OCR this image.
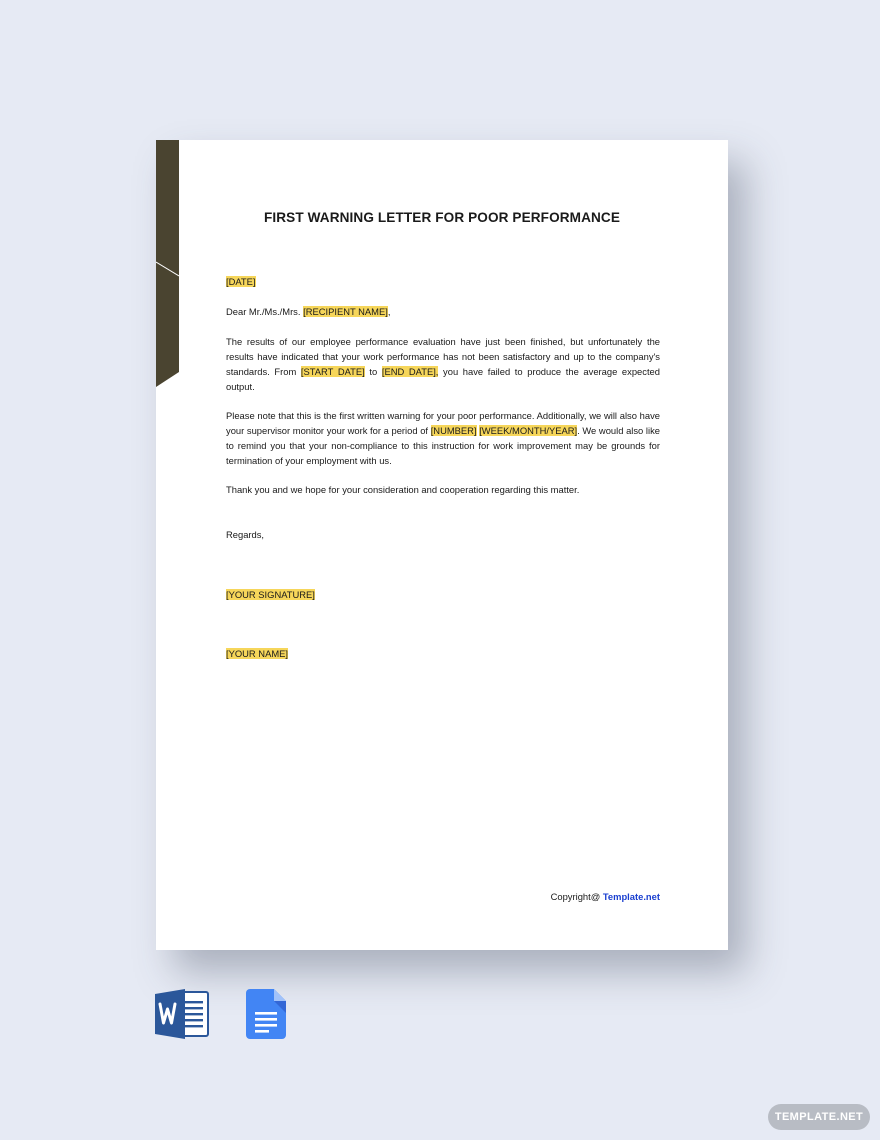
FIRST WARNING LETTER FOR POOR PERFORMANCE
[DATE]
Dear Mr./Ms./Mrs. [RECIPIENT NAME],
The results of our employee performance evaluation have just been finished, but unfortunately the results have indicated that your work performance has not been satisfactory and up to the company's standards. From [START DATE] to [END DATE], you have failed to produce the average expected output.
Please note that this is the first written warning for your poor performance. Additionally, we will also have your supervisor monitor your work for a period of [NUMBER] [WEEK/MONTH/YEAR]. We would also like to remind you that your non-compliance to this instruction for work improvement may be grounds for termination of your employment with us.
Thank you and we hope for your consideration and cooperation regarding this matter.
Regards,
[YOUR SIGNATURE]
[YOUR NAME]
Copyright@ Template.net
TEMPLATE.NET
